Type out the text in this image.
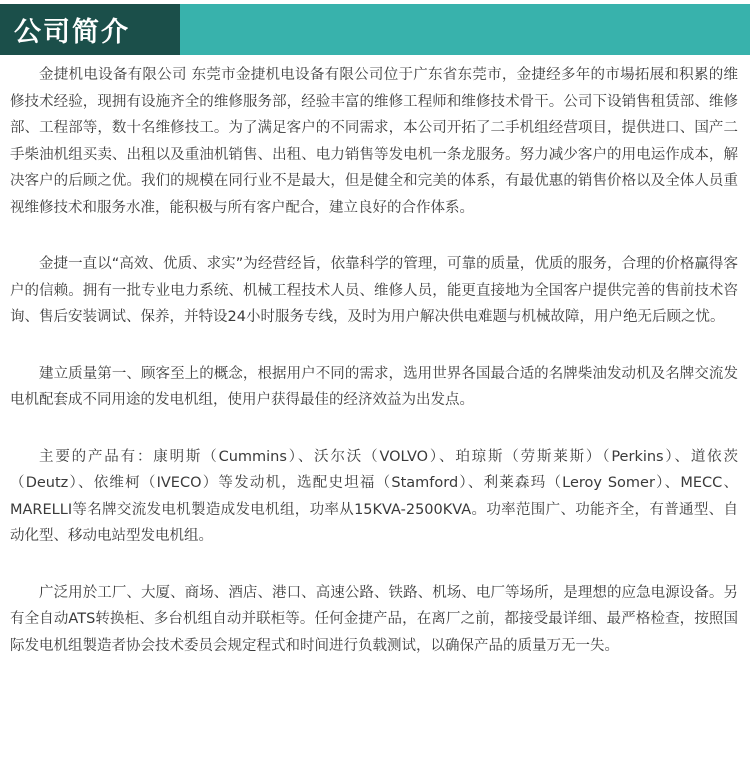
公司简介

金捷机电设备有限公司 东莞市金捷机电设备有限公司位于广东省东莞市，金捷经多年的市場拓展和积累的维修技术经验，现拥有设施齐全的维修服务部，经验丰富的维修工程师和维修技术骨干。公司下设销售租赁部、维修部、工程部等，数十名维修技工。为了满足客户的不同需求，本公司开拓了二手机组经营项目，提供进口、国产二手柴油机组买卖、出租以及重油机销售、出租、电力销售等发电机一条龙服务。努力减少客户的用电运作成本，解决客户的后顾之优。我们的规模在同行业不是最大，但是健全和完美的体系，有最优惠的销售价格以及全体人员重视维修技术和服务水准，能积极与所有客户配合，建立良好的合作体系。

金捷一直以“高效、优质、求实”为经营经旨，依靠科学的管理，可靠的质量，优质的服务，合理的价格赢得客户的信赖。拥有一批专业电力系统、机械工程技术人员、维修人员，能更直接地为全国客户提供完善的售前技术咨询、售后安装调试、保养，并特设24小时服务专线，及时为用户解决供电难题与机械故障，用户绝无后顾之忧。

建立质量第一、顾客至上的概念，根据用户不同的需求，选用世界各国最合适的名牌柴油发动机及名牌交流发电机配套成不同用途的发电机组，使用户获得最佳的经济效益为出发点。

主要的产品有：康明斯（Cummins）、沃尔沃（VOLVO）、珀琼斯（劳斯莱斯）（Perkins）、道依茨（Deutz）、依维柯（IVECO）等发动机，选配史坦福（Stamford）、利莱森玛（Leroy Somer）、MECC、MARELLI等名牌交流发电机製造成发电机组，功率从15KVA-2500KVA。功率范围广、功能齐全，有普通型、自动化型、移动电站型发电机组。

广泛用於工厂、大厦、商场、酒店、港口、高速公路、铁路、机场、电厂等场所，是理想的应急电源设备。另有全自动ATS转换柜、多台机组自动并联柜等。任何金捷产品，在离厂之前，都接受最详细、最严格检查，按照国际发电机组製造者协会技术委员会规定程式和时间进行负载测试，以确保产品的质量万无一失。
